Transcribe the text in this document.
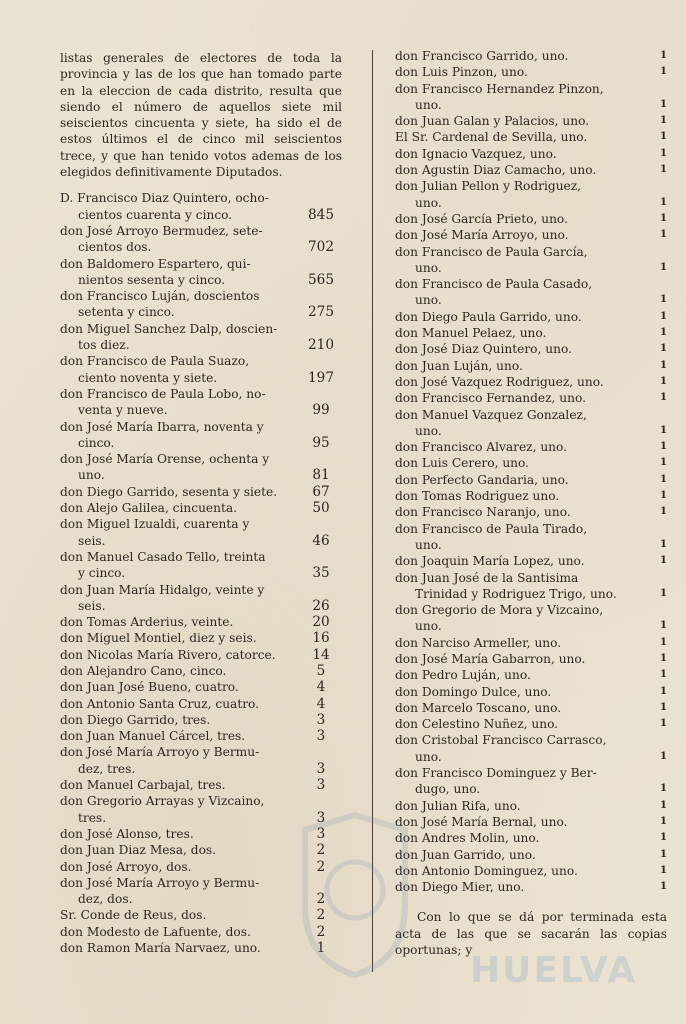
listas generales de electores de toda la provincia y las de los que han tomado parte en la eleccion de cada distrito, resulta que siendo el número de aquellos siete mil seiscientos cincuenta y siete, ha sido el de estos últimos el de cinco mil seiscientos trece, y que han tenido votos ademas de los elegidos definitivamente Diputados.

D. Francisco Diaz Quintero, ocho-
cientos cuarenta y cinco.	845
don José Arroyo Bermudez, sete-
cientos dos.	702
don Baldomero Espartero, qui-
nientos sesenta y cinco.	565
don Francisco Luján, doscientos
setenta y cinco.	275
don Miguel Sanchez Dalp, doscien-
tos diez.	210
don Francisco de Paula Suazo,
ciento noventa y siete.	197
don Francisco de Paula Lobo, no-
venta y nueve.	99
don José María Ibarra, noventa y
cinco.	95
don José María Orense, ochenta y
uno.	81
don Diego Garrido, sesenta y siete.	67
don Alejo Galilea, cincuenta.	50
don Miguel Izualdi, cuarenta y
seis.	46
don Manuel Casado Tello, treinta
y cinco.	35
don Juan María Hidalgo, veinte y
seis.	26
don Tomas Arderius, veinte.	20
don Miguel Montiel, diez y seis.	16
don Nicolas María Rivero, catorce.	14
don Alejandro Cano, cinco.	5
don Juan José Bueno, cuatro.	4
don Antonio Santa Cruz, cuatro.	4
don Diego Garrido, tres.	3
don Juan Manuel Cárcel, tres.	3
don José María Arroyo y Bermu-
dez, tres.	3
don Manuel Carbajal, tres.	3
don Gregorio Arrayas y Vizcaino,
tres.	3
don José Alonso, tres.	3
don Juan Diaz Mesa, dos.	2
don José Arroyo, dos.	2
don José María Arroyo y Bermu-
dez, dos.	2
Sr. Conde de Reus, dos.	2
don Modesto de Lafuente, dos.	2
don Ramon María Narvaez, uno.	1
don Francisco Garrido, uno.	1
don Luis Pinzon, uno.	1
don Francisco Hernandez Pinzon,
uno.	1
don Juan Galan y Palacios, uno.	1
El Sr. Cardenal de Sevilla, uno.	1
don Ignacio Vazquez, uno.	1
don Agustin Diaz Camacho, uno.	1
don Julian Pellon y Rodriguez,
uno.	1
don José García Prieto, uno.	1
don José María Arroyo, uno.	1
don Francisco de Paula García,
uno.	1
don Francisco de Paula Casado,
uno.	1
don Diego Paula Garrido, uno.	1
don Manuel Pelaez, uno.	1
don José Diaz Quintero, uno.	1
don Juan Luján, uno.	1
don José Vazquez Rodriguez, uno.	1
don Francisco Fernandez, uno.	1
don Manuel Vazquez Gonzalez,
uno.	1
don Francisco Alvarez, uno.	1
don Luis Cerero, uno.	1
don Perfecto Gandaria, uno.	1
don Tomas Rodriguez uno.	1
don Francisco Naranjo, uno.	1
don Francisco de Paula Tirado,
uno.	1
don Joaquin María Lopez, uno.	1
don Juan José de la Santisima
Trinidad y Rodriguez Trigo, uno.	1
don Gregorio de Mora y Vizcaino,
uno.	1
don Narciso Armeller, uno.	1
don José María Gabarron, uno.	1
don Pedro Luján, uno.	1
don Domingo Dulce, uno.	1
don Marcelo Toscano, uno.	1
don Celestino Nuñez, uno.	1
don Cristobal Francisco Carrasco,
uno.	1
don Francisco Dominguez y Ber-
dugo, uno.	1
don Julian Rifa, uno.	1
don José María Bernal, uno.	1
don Andres Molin, uno.	1
don Juan Garrido, uno.	1
don Antonio Dominguez, uno.	1
don Diego Mier, uno.	1

Con lo que se dá por terminada esta acta de las que se sacarán las copias oportunas; y

HUELVA
